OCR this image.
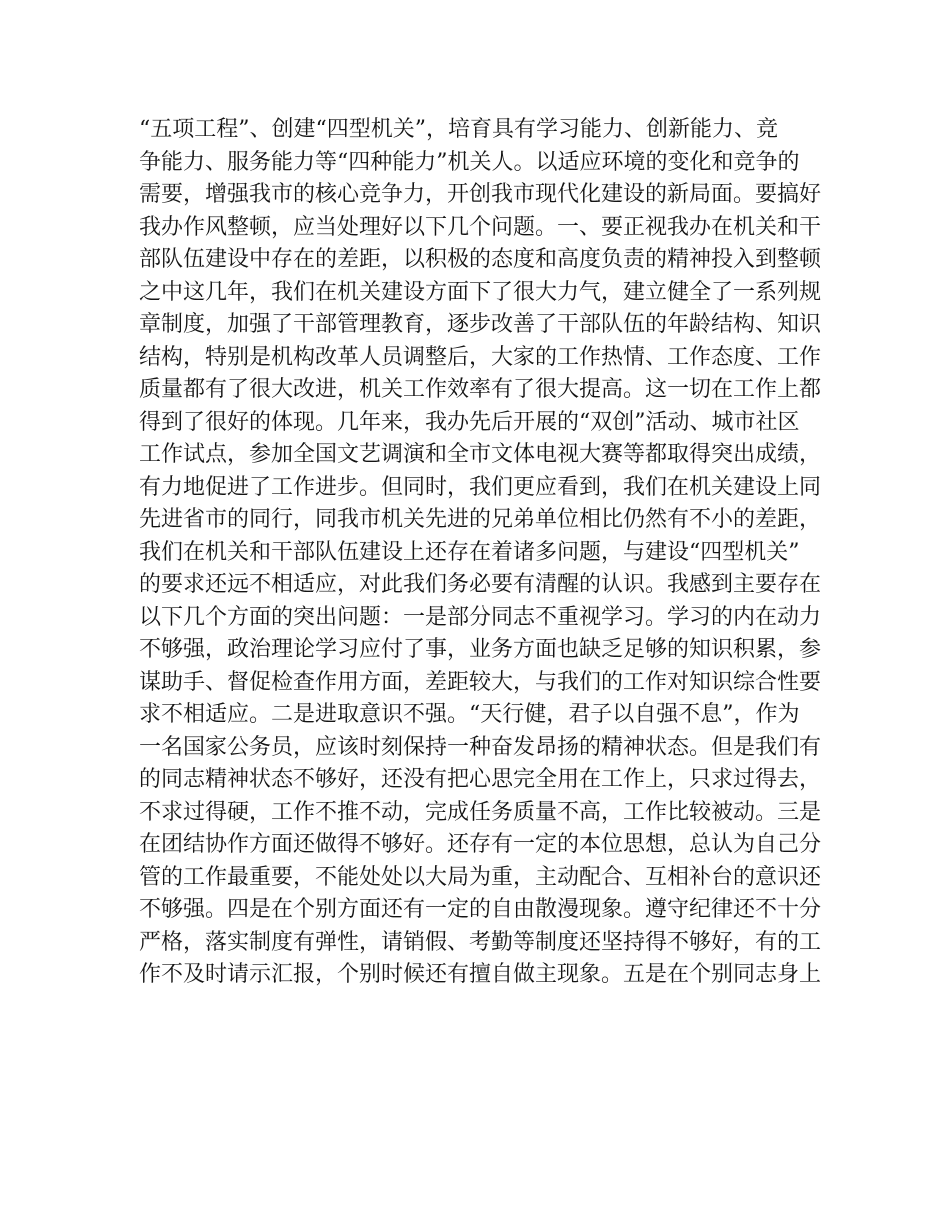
“五项工程”、创建“四型机关”，培育具有学习能力、创新能力、竞
争能力、服务能力等“四种能力”机关人。以适应环境的变化和竞争的
需要，增强我市的核心竞争力，开创我市现代化建设的新局面。要搞好
我办作风整顿，应当处理好以下几个问题。一、要正视我办在机关和干
部队伍建设中存在的差距，以积极的态度和高度负责的精神投入到整顿
之中这几年，我们在机关建设方面下了很大力气，建立健全了一系列规
章制度，加强了干部管理教育，逐步改善了干部队伍的年龄结构、知识
结构，特别是机构改革人员调整后，大家的工作热情、工作态度、工作
质量都有了很大改进，机关工作效率有了很大提高。这一切在工作上都
得到了很好的体现。几年来，我办先后开展的“双创”活动、城市社区
工作试点，参加全国文艺调演和全市文体电视大赛等都取得突出成绩，
有力地促进了工作进步。但同时，我们更应看到，我们在机关建设上同
先进省市的同行，同我市机关先进的兄弟单位相比仍然有不小的差距，
我们在机关和干部队伍建设上还存在着诸多问题，与建设“四型机关”
的要求还远不相适应，对此我们务必要有清醒的认识。我感到主要存在
以下几个方面的突出问题：一是部分同志不重视学习。学习的内在动力
不够强，政治理论学习应付了事，业务方面也缺乏足够的知识积累，参
谋助手、督促检查作用方面，差距较大，与我们的工作对知识综合性要
求不相适应。二是进取意识不强。“天行健，君子以自强不息”，作为
一名国家公务员，应该时刻保持一种奋发昂扬的精神状态。但是我们有
的同志精神状态不够好，还没有把心思完全用在工作上，只求过得去，
不求过得硬，工作不推不动，完成任务质量不高，工作比较被动。三是
在团结协作方面还做得不够好。还存有一定的本位思想，总认为自己分
管的工作最重要，不能处处以大局为重，主动配合、互相补台的意识还
不够强。四是在个别方面还有一定的自由散漫现象。遵守纪律还不十分
严格，落实制度有弹性，请销假、考勤等制度还坚持得不够好，有的工
作不及时请示汇报，个别时候还有擅自做主现象。五是在个别同志身上
